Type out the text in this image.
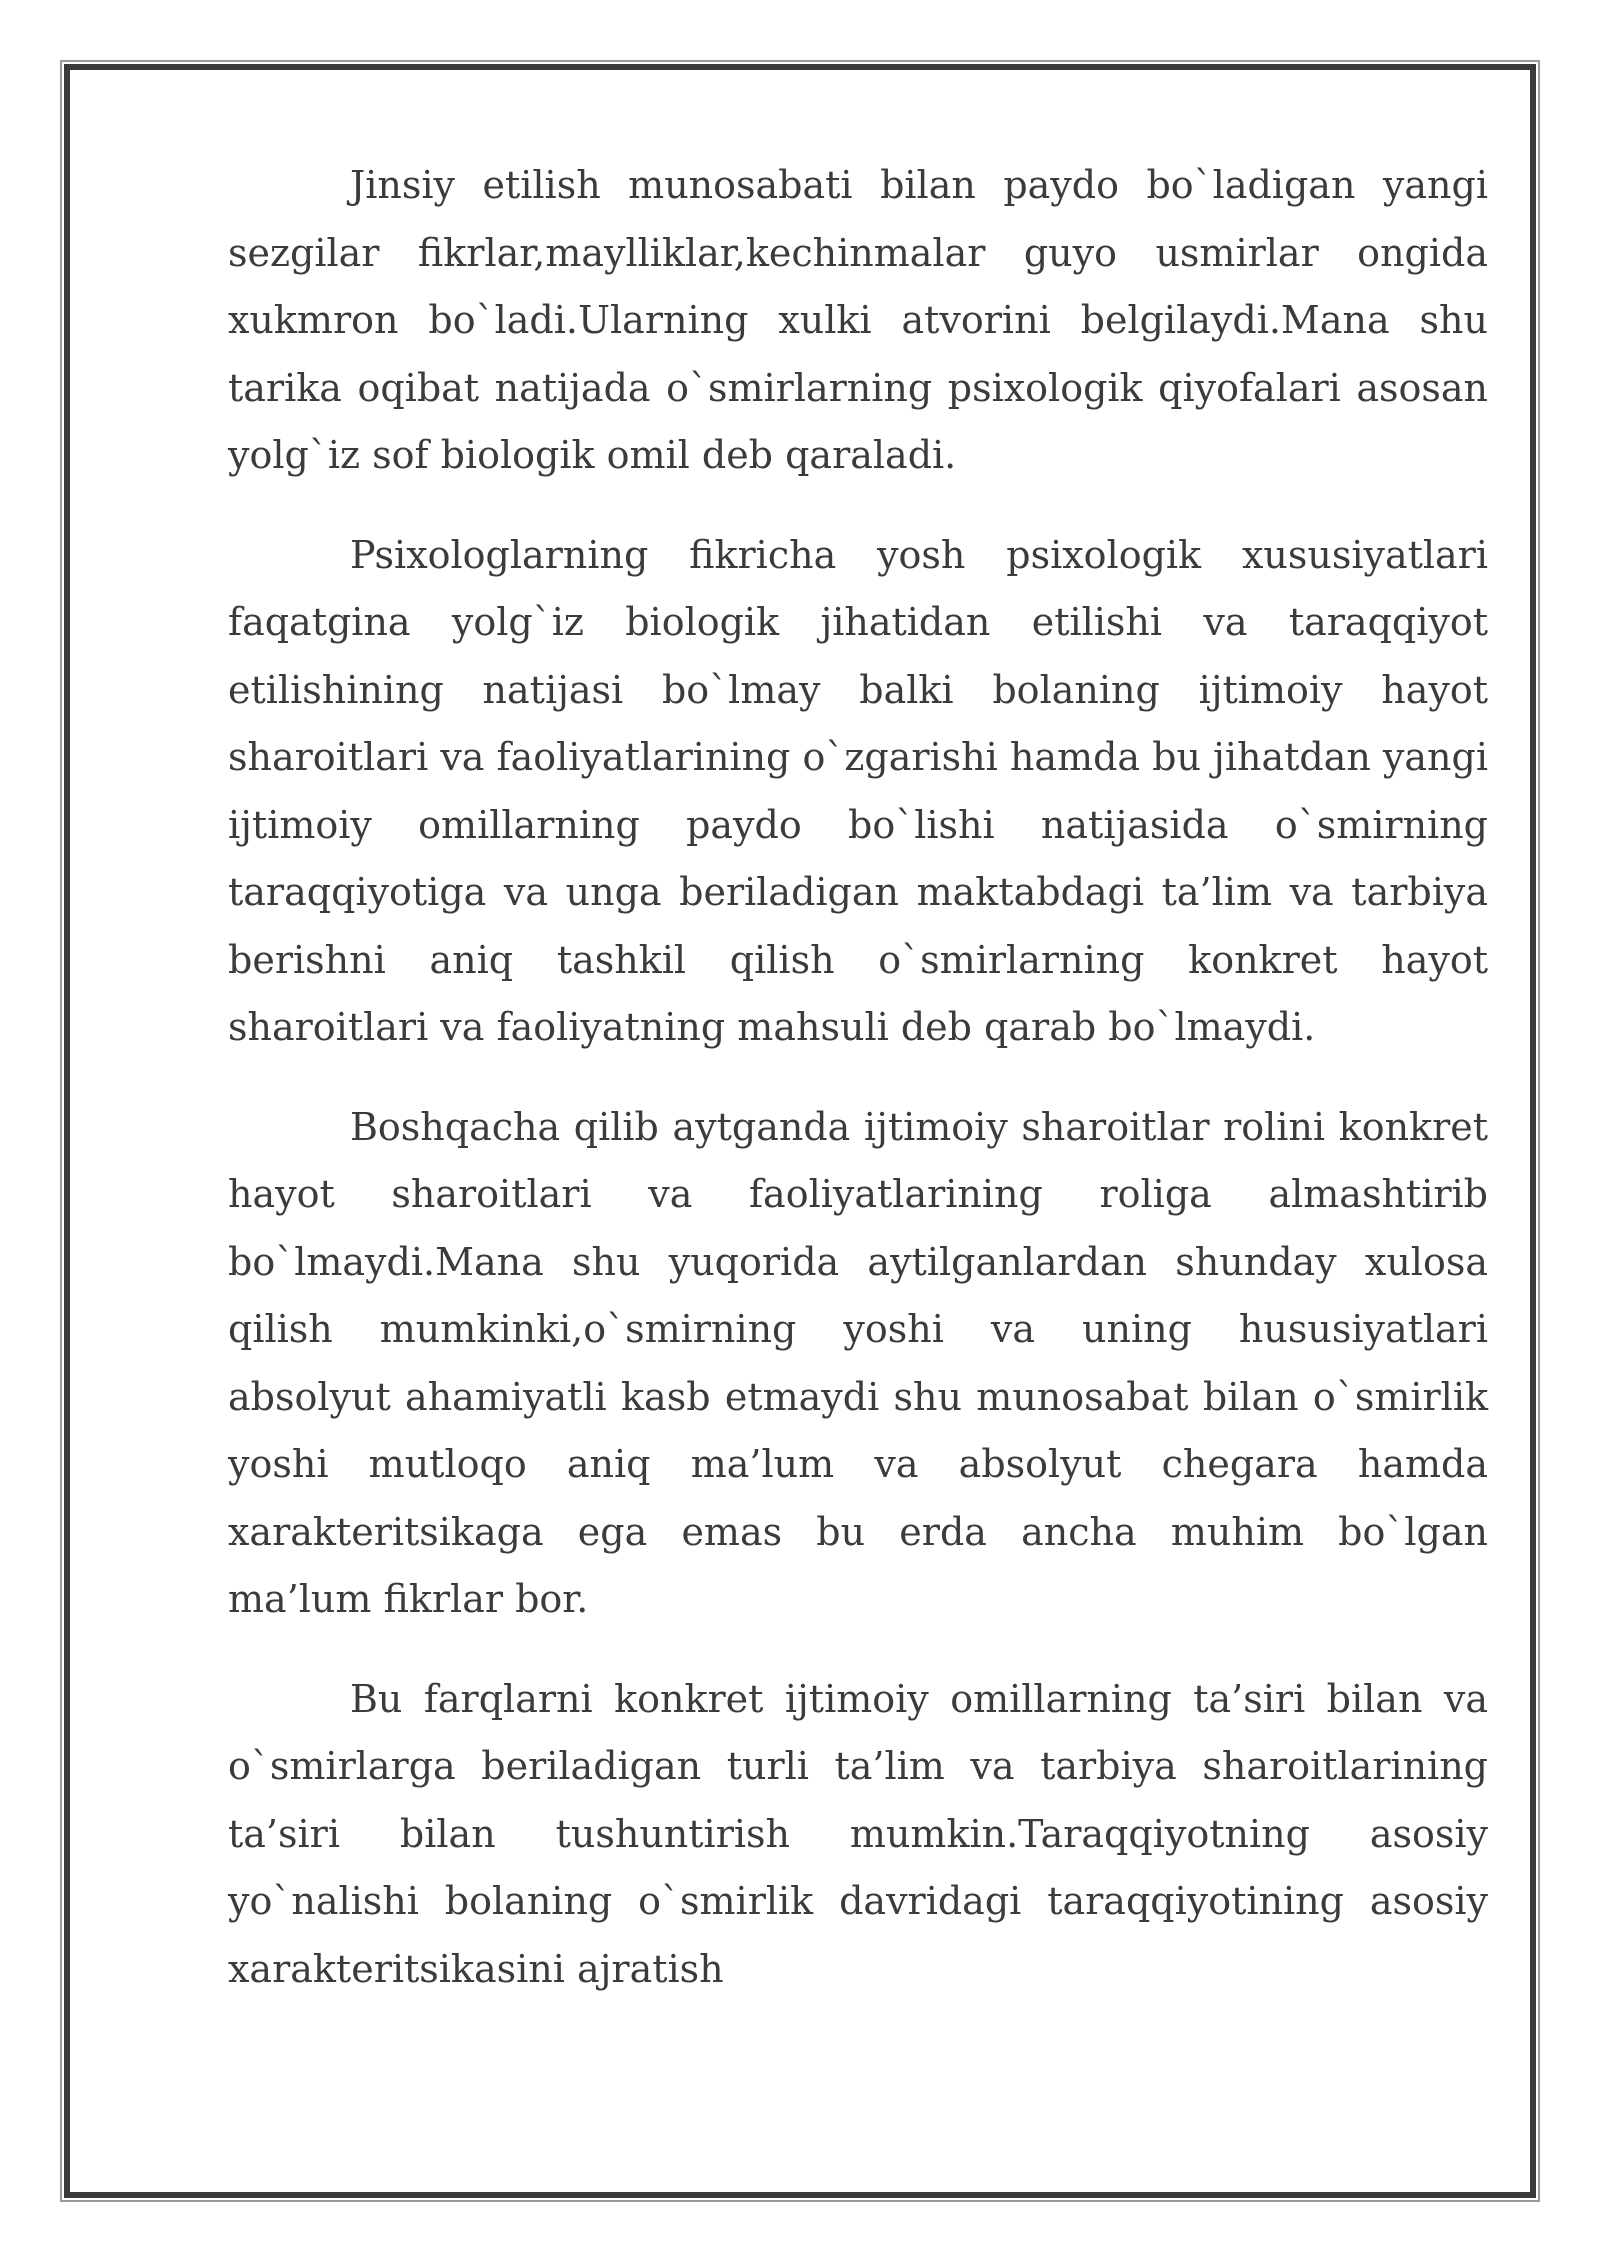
Jinsiy etilish munosabati bilan paydo bo`ladigan yangi sezgilar fikrlar,maylliklar,kechinmalar guyo usmirlar ongida xukmron bo`ladi.Ularning xulki atvorini belgilaydi.Mana shu tarika oqibat natijada o`smirlarning psixologik qiyofalari asosan yolg`iz sof biologik omil deb qaraladi.

Psixologlarning fikricha yosh psixologik xususiyatlari faqatgina yolg`iz biologik jihatidan etilishi va taraqqiyot etilishining natijasi bo`lmay balki bolaning ijtimoiy hayot sharoitlari va faoliyatlarining o`zgarishi hamda bu jihatdan yangi ijtimoiy omillarning paydo bo`lishi natijasida o`smirning taraqqiyotiga va unga beriladigan maktabdagi ta’lim va tarbiya berishni aniq tashkil qilish o`smirlarning konkret hayot sharoitlari va faoliyatning mahsuli deb qarab bo`lmaydi.

Boshqacha qilib aytganda ijtimoiy sharoitlar rolini konkret hayot sharoitlari va faoliyatlarining roliga almashtirib bo`lmaydi.Mana shu yuqorida aytilganlardan shunday xulosa qilish mumkinki,o`smirning yoshi va uning hususiyatlari absolyut ahamiyatli kasb etmaydi shu munosabat bilan o`smirlik yoshi mutloqo aniq ma’lum va absolyut chegara hamda xarakteritsikaga ega emas bu erda ancha muhim bo`lgan ma’lum fikrlar bor.

Bu farqlarni konkret ijtimoiy omillarning ta’siri bilan va o`smirlarga beriladigan turli ta’lim va tarbiya sharoitlarining ta’siri bilan tushuntirish mumkin.Taraqqiyotning asosiy yo`nalishi bolaning o`smirlik davridagi taraqqiyotining asosiy xarakteritsikasini ajratish
